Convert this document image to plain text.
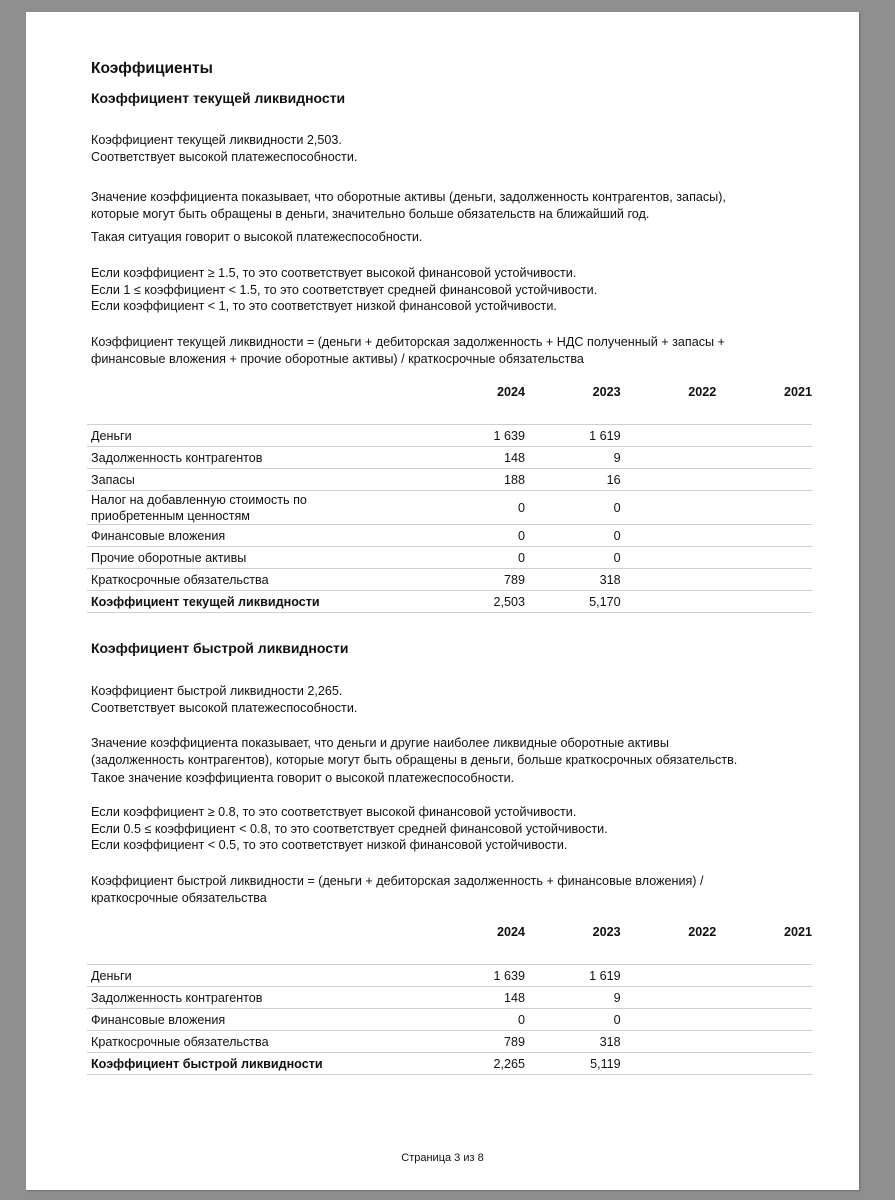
Коэффициенты
Коэффициент текущей ликвидности
Коэффициент текущей ликвидности 2,503.
Соответствует высокой платежеспособности.
Значение коэффициента показывает, что оборотные активы (деньги, задолженность контрагентов, запасы),
которые могут быть обращены в деньги, значительно больше обязательств на ближайший год.
Такая ситуация говорит о высокой платежеспособности.
Если коэффициент ≥ 1.5, то это соответствует высокой финансовой устойчивости.
Если 1 ≤ коэффициент < 1.5, то это соответствует средней финансовой устойчивости.
Если коэффициент < 1, то это соответствует низкой финансовой устойчивости.
Коэффициент текущей ликвидности = (деньги + дебиторская задолженность + НДС полученный + запасы +
финансовые вложения + прочие оборотные активы) / краткосрочные обязательства
	2024	2023	2022	2021

Деньги	1 639	1 619		
Задолженность контрагентов	148	9		
Запасы	188	16		

Налог на добавленную стоимость по
приобретенным ценностям	0	0		
Финансовые вложения	0	0		
Прочие оборотные активы	0	0		
Краткосрочные обязательства	789	318		
Коэффициент текущей ликвидности	2,503	5,170		
Коэффициент быстрой ликвидности
Коэффициент быстрой ликвидности 2,265.
Соответствует высокой платежеспособности.
Значение коэффициента показывает, что деньги и другие наиболее ликвидные оборотные активы
(задолженность контрагентов), которые могут быть обращены в деньги, больше краткосрочных обязательств.
Такое значение коэффициента говорит о высокой платежеспособности.
Если коэффициент ≥ 0.8, то это соответствует высокой финансовой устойчивости.
Если 0.5 ≤ коэффициент < 0.8, то это соответствует средней финансовой устойчивости.
Если коэффициент < 0.5, то это соответствует низкой финансовой устойчивости.
Коэффициент быстрой ликвидности = (деньги + дебиторская задолженность + финансовые вложения) /
краткосрочные обязательства
	2024	2023	2022	2021

Деньги	1 639	1 619		
Задолженность контрагентов	148	9		
Финансовые вложения	0	0		
Краткосрочные обязательства	789	318		
Коэффициент быстрой ликвидности	2,265	5,119		
Страница 3 из 8
